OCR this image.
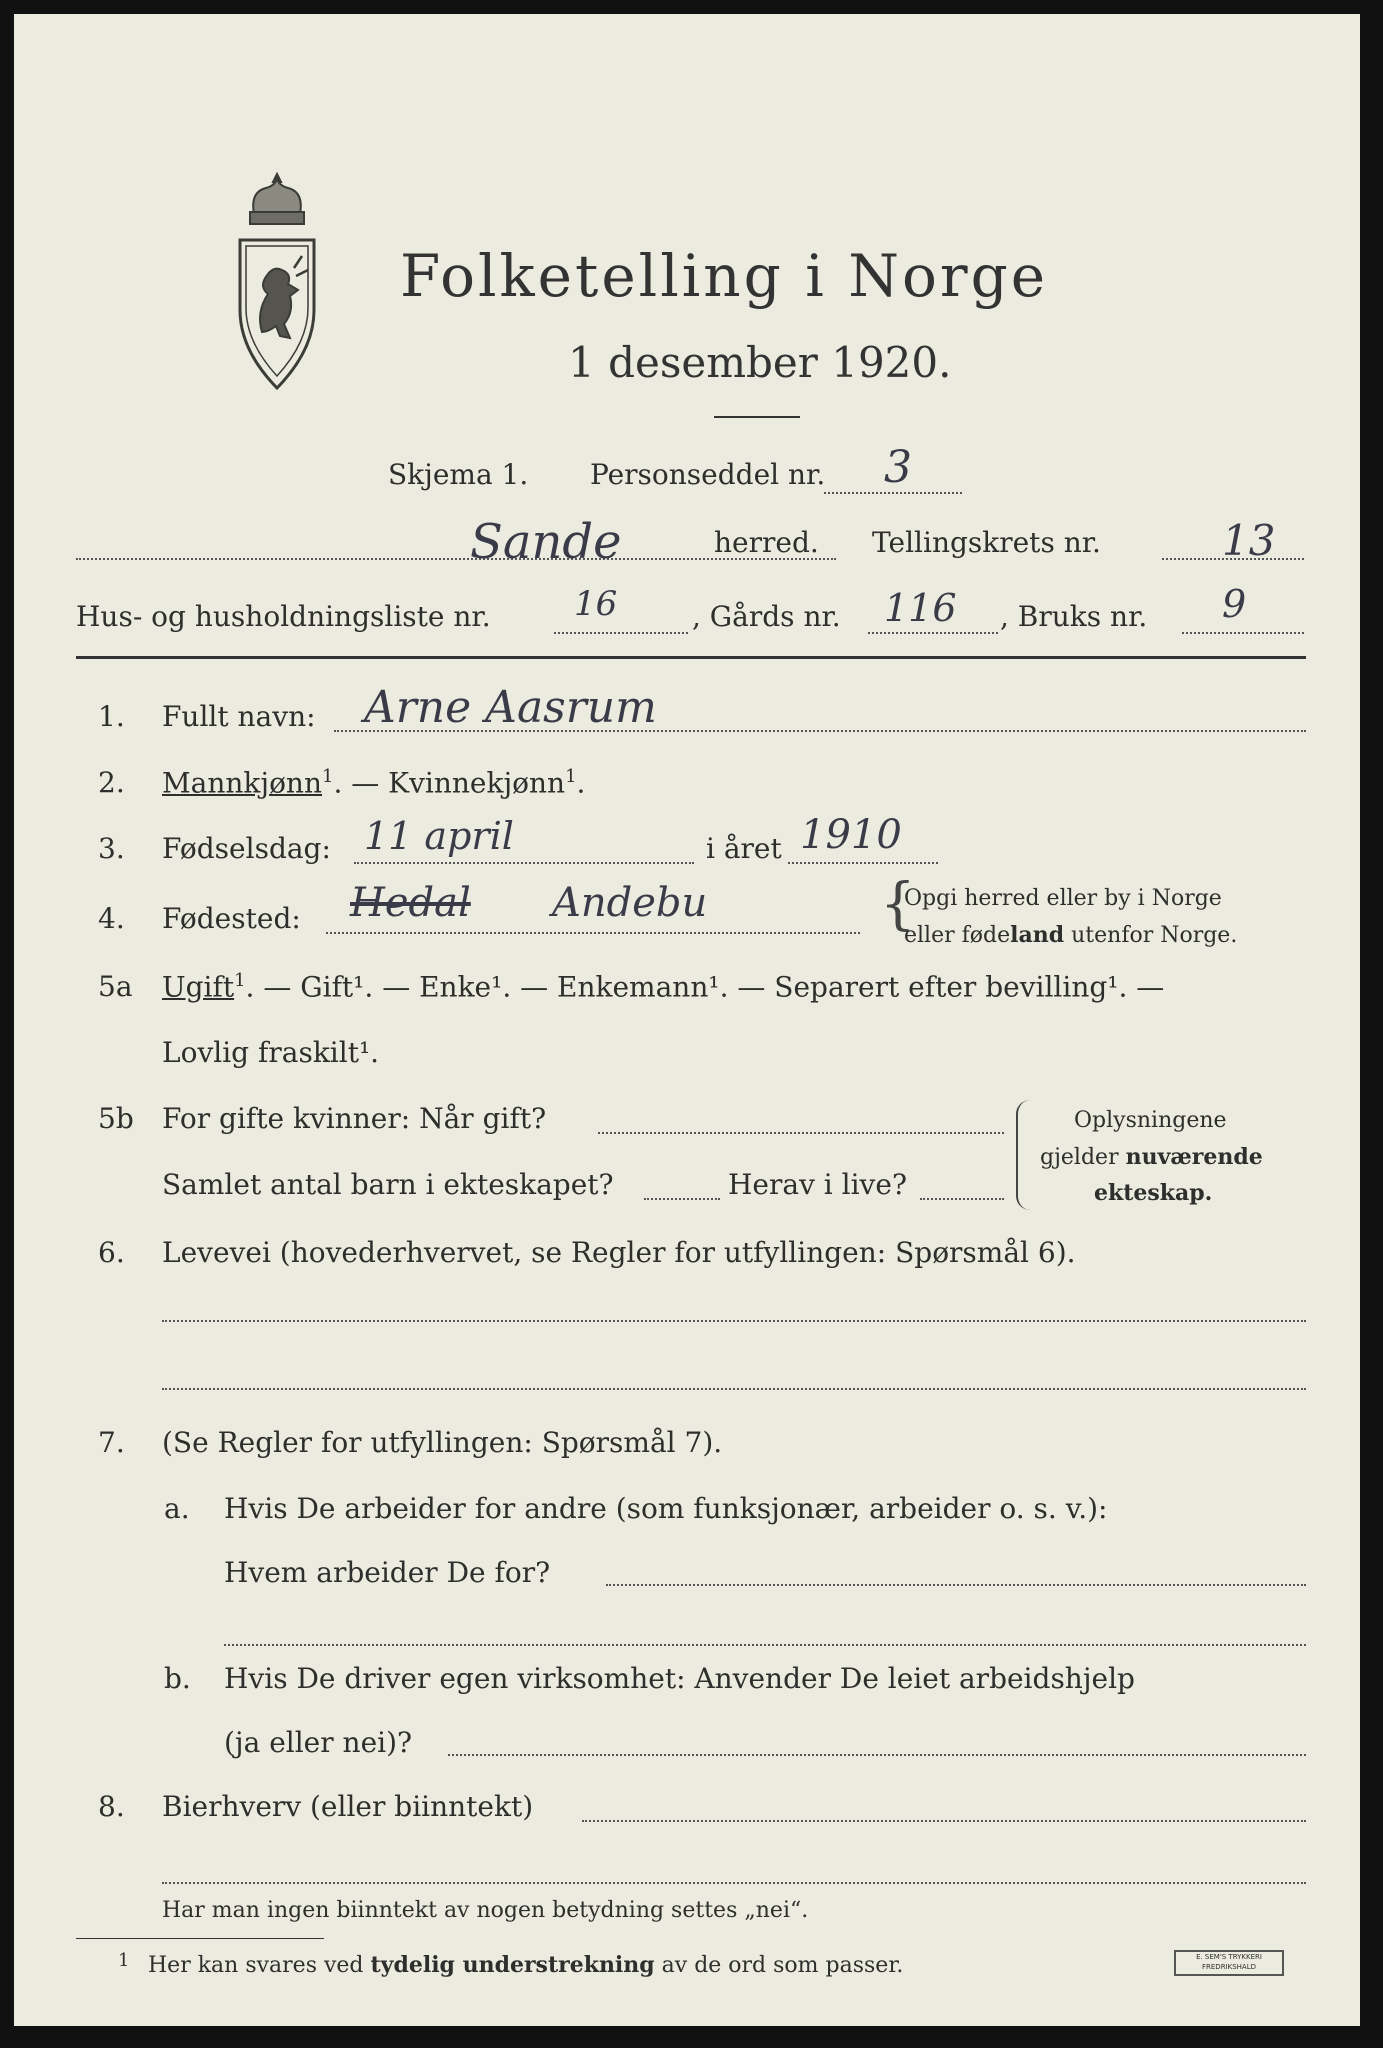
Folketelling i Norge
1 desember 1920.
Skjema 1. Personseddel nr. 3
Sande	herred. Tellingskrets nr.	13
Hus- og husholdningsliste nr. 16	, Gårds nr. 116 , Bruks nr. 9
1. Fullt navn: Arne Aasrum
2. Mannkjønn$^1$. — Kvinnekjønn$^1$.
3. Fødselsdag: 11 april	i året 1910
4. Fødested: Hedal Andebu	{
Opgi herred eller by i Norge
eller fødeland utenfor Norge.
5a Ugift$^1$. — Gift¹. — Enke¹. — Enkemann¹. — Separert efter bevilling¹. —
Lovlig fraskilt¹.
5b For gifte kvinner: Når gift?
Samlet antal barn i ekteskapet?	Herav i live?
Oplysningene
gjelder nuværende
ekteskap.
6. Levevei (hovederhvervet, se Regler for utfyllingen: Spørsmål 6).
7. (Se Regler for utfyllingen: Spørsmål 7).
a. Hvis De arbeider for andre (som funksjonær, arbeider o. s. v.):
Hvem arbeider De for?
b. Hvis De driver egen virksomhet: Anvender De leiet arbeidshjelp
(ja eller nei)?
8. Bierhverv (eller biinntekt)
Har man ingen biinntekt av nogen betydning settes „nei“.
1 Her kan svares ved tydelig understrekning av de ord som passer.	E. SEM'S TRYKKERI FREDRIKSHALD
